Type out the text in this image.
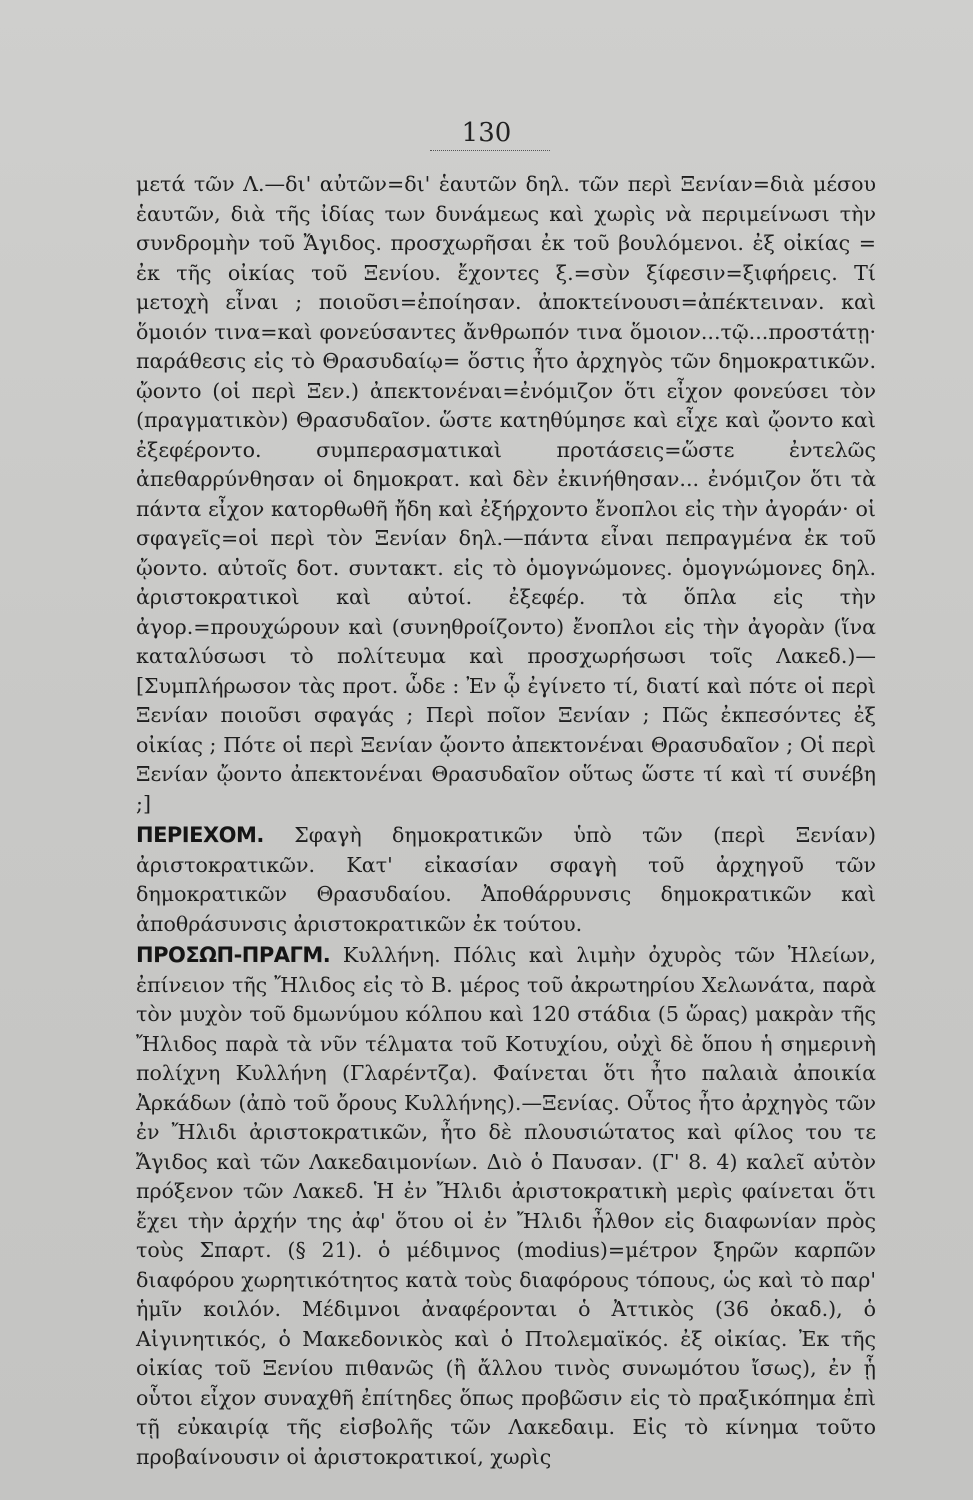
130

μετά τῶν Λ.—δι' αὐτῶν=δι' ἑαυτῶν δηλ. τῶν περὶ Ξενίαν=διὰ μέσου ἑαυτῶν, διὰ τῆς ἰδίας των δυνάμεως καὶ χωρὶς νὰ περιμείνωσι τὴν συνδρομὴν τοῦ Ἄγιδος. προσχωρῆσαι ἐκ τοῦ βουλόμενοι. ἐξ οἰκίας = ἐκ τῆς οἰκίας τοῦ Ξενίου. ἔχοντες ξ.=σὺν ξίφεσιν=ξιφήρεις. Τί μετοχὴ εἶναι ; ποιοῦσι=ἐποίησαν. ἀποκτείνουσι=ἀπέκτειναν. καὶ ὅμοιόν τινα=καὶ φονεύσαντες ἄνθρωπόν τινα ὅμοιον...τῷ...προστάτῃ· παράθεσις εἰς τὸ Θρασυδαίῳ= ὅστις ἦτο ἀρχηγὸς τῶν δημοκρατικῶν. ᾤοντο (οἱ περὶ Ξεν.) ἀπεκτονέναι=ἐνόμιζον ὅτι εἶχον φονεύσει τὸν (πραγματικὸν) Θρασυδαῖον. ὥστε κατηθύμησε καὶ εἶχε καὶ ᾤοντο καὶ ἐξεφέροντο. συμπερασματικαὶ προτάσεις=ὥστε ἐντελῶς ἀπεθαρρύνθησαν οἱ δημοκρατ. καὶ δὲν ἐκινήθησαν... ἐνόμιζον ὅτι τὰ πάντα εἶχον κατορθωθῆ ἤδη καὶ ἐξήρχοντο ἔνοπλοι εἰς τὴν ἀγοράν· οἱ σφαγεῖς=οἱ περὶ τὸν Ξενίαν δηλ.—πάντα εἶναι πεπραγμένα ἐκ τοῦ ᾤοντο. αὐτοῖς δοτ. συντακτ. εἰς τὸ ὁμογνώμονες. ὁμογνώμονες δηλ. ἀριστοκρατικοὶ καὶ αὐτοί. ἐξεφέρ. τὰ ὅπλα εἰς τὴν ἀγορ.=προυχώρουν καὶ (συνηθροίζοντο) ἔνοπλοι εἰς τὴν ἀγορὰν (ἵνα καταλύσωσι τὸ πολίτευμα καὶ προσχωρήσωσι τοῖς Λακεδ.)—[Συμπλήρωσον τὰς προτ. ὧδε : Ἐν ᾧ ἐγίνετο τί, διατί καὶ πότε οἱ περὶ Ξενίαν ποιοῦσι σφαγάς ; Περὶ ποῖον Ξενίαν ; Πῶς ἐκπεσόντες ἐξ οἰκίας ; Πότε οἱ περὶ Ξενίαν ᾤοντο ἀπεκτονέναι Θρασυδαῖον ; Οἱ περὶ Ξενίαν ᾤοντο ἀπεκτονέναι Θρασυδαῖον οὕτως ὥστε τί καὶ τί συνέβη ;]

ΠΕΡΙΕΧΟΜ. Σφαγὴ δημοκρατικῶν ὑπὸ τῶν (περὶ Ξενίαν) ἀριστοκρατικῶν. Κατ' εἰκασίαν σφαγὴ τοῦ ἀρχηγοῦ τῶν δημοκρατικῶν Θρασυδαίου. Ἀποθάρρυνσις δημοκρατικῶν καὶ ἀποθράσυνσις ἀριστοκρατικῶν ἐκ τούτου.

ΠΡΟΣΩΠ-ΠΡΑΓΜ. Κυλλήνη. Πόλις καὶ λιμὴν ὀχυρὸς τῶν Ἠλείων, ἐπίνειον τῆς Ἤλιδος εἰς τὸ Β. μέρος τοῦ ἀκρωτηρίου Χελωνάτα, παρὰ τὸν μυχὸν τοῦ δμωνύμου κόλπου καὶ 120 στάδια (5 ὥρας) μακρὰν τῆς Ἤλιδος παρὰ τὰ νῦν τέλματα τοῦ Κοτυχίου, οὐχὶ δὲ ὅπου ἡ σημερινὴ πολίχνη Κυλλήνη (Γλαρέντζα). Φαίνεται ὅτι ἦτο παλαιὰ ἀποικία Ἀρκάδων (ἀπὸ τοῦ ὄρους Κυλλήνης).—Ξενίας. Οὗτος ἦτο ἀρχηγὸς τῶν ἐν Ἤλιδι ἀριστοκρατικῶν, ἦτο δὲ πλουσιώτατος καὶ φίλος του τε Ἄγιδος καὶ τῶν Λακεδαιμονίων. Διὸ ὁ Παυσαν. (Γ' 8. 4) καλεῖ αὐτὸν πρόξενον τῶν Λακεδ. Ἡ ἐν Ἤλιδι ἀριστοκρατικὴ μερὶς φαίνεται ὅτι ἔχει τὴν ἀρχήν της ἀφ' ὅτου οἱ ἐν Ἤλιδι ἦλθον εἰς διαφωνίαν πρὸς τοὺς Σπαρτ. (§ 21). ὁ μέδιμνος (modius)=μέτρον ξηρῶν καρπῶν διαφόρου χωρητικότητος κατὰ τοὺς διαφόρους τόπους, ὡς καὶ τὸ παρ' ἡμῖν κοιλόν. Μέδιμνοι ἀναφέρονται ὁ Ἀττικὸς (36 ὀκαδ.), ὁ Αἰγινητικός, ὁ Μακεδονικὸς καὶ ὁ Πτολεμαϊκός. ἐξ οἰκίας. Ἐκ τῆς οἰκίας τοῦ Ξενίου πιθανῶς (ἢ ἄλλου τινὸς συνωμότου ἴσως), ἐν ᾗ οὗτοι εἶχον συναχθῆ ἐπίτηδες ὅπως προβῶσιν εἰς τὸ πραξικόπημα ἐπὶ τῇ εὐκαιρίᾳ τῆς εἰσβολῆς τῶν Λακεδαιμ. Εἰς τὸ κίνημα τοῦτο προβαίνουσιν οἱ ἀριστοκρατικοί, χωρὶς
